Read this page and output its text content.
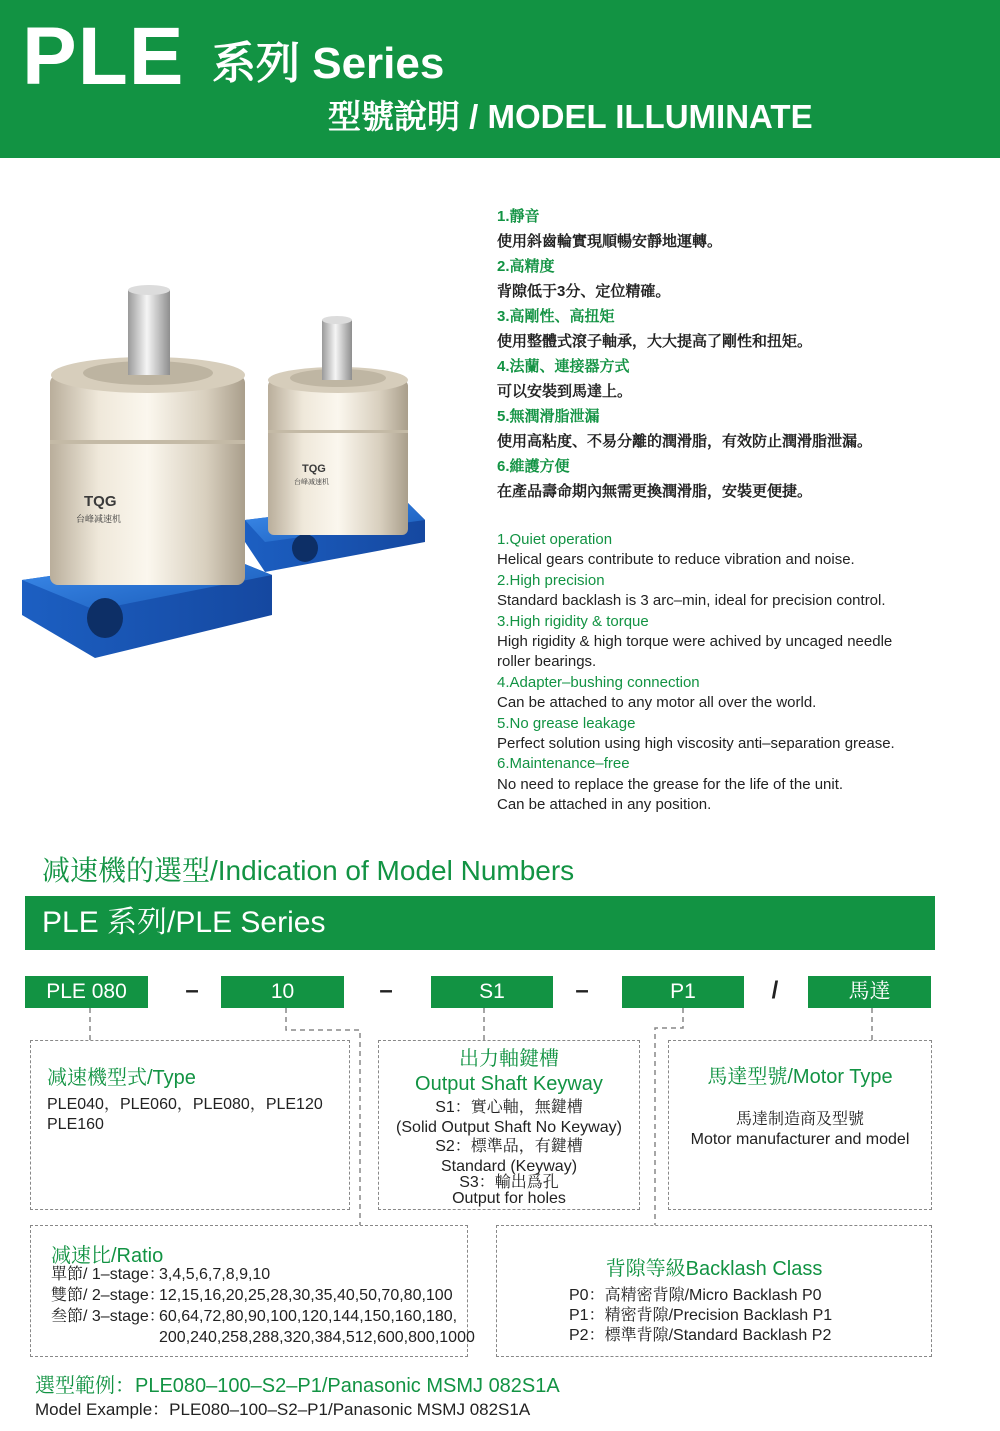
PLE 系列 Series
型號說明 / MODEL ILLUMINATE
TQG
台峰减速机
TQG
台峰减速机
1.靜音
使用斜齒輪實現順暢安靜地運轉。
2.高精度
背隙低于3分、定位精確。
3.高剛性、高扭矩
使用整體式滾子軸承，大大提高了剛性和扭矩。
4.法蘭、連接器方式
可以安裝到馬達上。
5.無潤滑脂泄漏
使用高粘度、不易分離的潤滑脂，有效防止潤滑脂泄漏。
6.維護方便
在產品壽命期內無需更換潤滑脂，安裝更便捷。
1.Quiet operation
Helical gears contribute to reduce vibration and noise.
2.High precision
Standard backlash is 3 arc–min, ideal for precision control.
3.High rigidity & torque
High rigidity & high torque were achived by uncaged needle
roller bearings.
4.Adapter–bushing connection
Can be attached to any motor all over the world.
5.No grease leakage
Perfect solution using high viscosity anti–separation grease.
6.Maintenance–free
No need to replace the grease for the life of the unit.
Can be attached in any position.
减速機的選型/Indication of Model Numbers
PLE 系列/PLE Series
PLE 080	–	10	–	S1	–	P1	/	馬達
减速機型式/Type
PLE040，PLE060，PLE080，PLE120
PLE160
出力軸鍵槽
Output Shaft Keyway
S1：實心軸，無鍵槽
(Solid Output Shaft No Keyway)
S2：標準品，有鍵槽
Standard (Keyway)
S3：輸出爲孔
Output for holes
馬達型號/Motor Type
馬達制造商及型號
Motor manufacturer and model
减速比/Ratio
單節/ 1–stage：
3,4,5,6,7,8,9,10
雙節/ 2–stage：
12,15,16,20,25,28,30,35,40,50,70,80,100
叁節/ 3–stage：
60,64,72,80,90,100,120,144,150,160,180,
200,240,258,288,320,384,512,600,800,1000
背隙等級Backlash Class
P0：高精密背隙/Micro Backlash P0
P1：精密背隙/Precision Backlash P1
P2：標準背隙/Standard Backlash P2
選型範例：PLE080–100–S2–P1/Panasonic MSMJ 082S1A
Model Example：PLE080–100–S2–P1/Panasonic MSMJ 082S1A
